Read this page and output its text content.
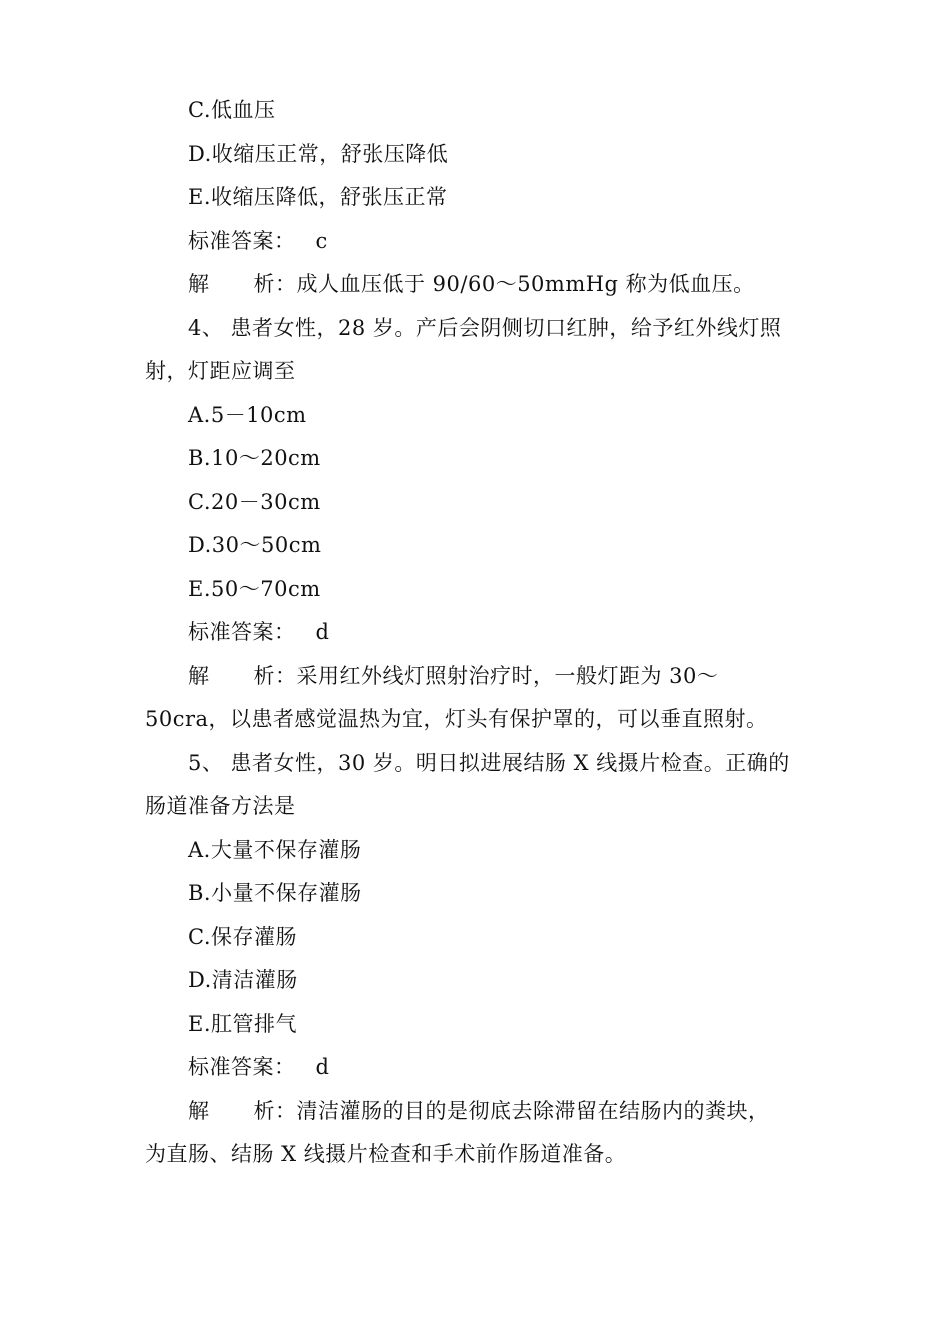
C.低血压
D.收缩压正常，舒张压降低
E.收缩压降低，舒张压正常
标准答案： c
解 析：成人血压低于 90/60～50mmHg 称为低血压。
4、 患者女性，28 岁。产后会阴侧切口红肿，给予红外线灯照
射，灯距应调至
A.5－10cm
B.10～20cm
C.20－30cm
D.30～50cm
E.50～70cm
标准答案： d
解 析：采用红外线灯照射治疗时，一般灯距为 30～
50cra，以患者感觉温热为宜，灯头有保护罩的，可以垂直照射。
5、 患者女性，30 岁。明日拟进展结肠 X 线摄片检查。正确的
肠道准备方法是
A.大量不保存灌肠
B.小量不保存灌肠
C.保存灌肠
D.清洁灌肠
E.肛管排气
标准答案： d
解 析：清洁灌肠的目的是彻底去除滞留在结肠内的粪块，
为直肠、结肠 X 线摄片检查和手术前作肠道准备。
